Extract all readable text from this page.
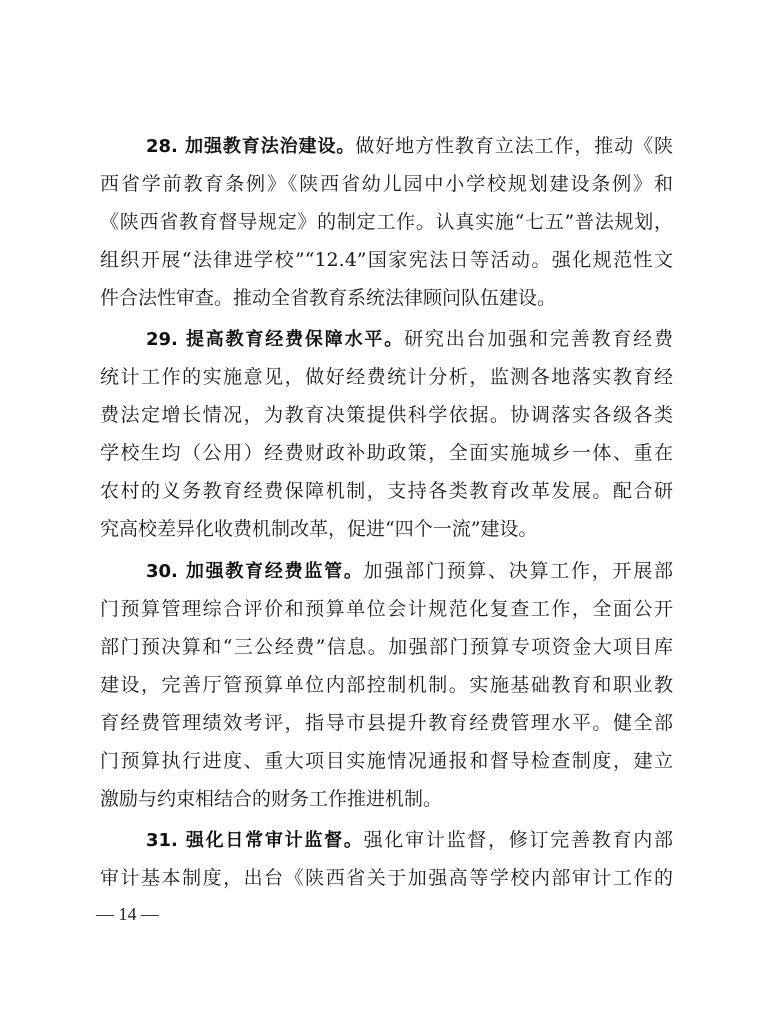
28. 加强教育法治建设。做好地方性教育立法工作，推动《陕
西省学前教育条例》《陕西省幼儿园中小学校规划建设条例》和
《陕西省教育督导规定》的制定工作。认真实施“七五”普法规划，
组织开展“法律进学校”“12.4”国家宪法日等活动。强化规范性文
件合法性审查。推动全省教育系统法律顾问队伍建设。
29. 提高教育经费保障水平。研究出台加强和完善教育经费
统计工作的实施意见，做好经费统计分析，监测各地落实教育经
费法定增长情况，为教育决策提供科学依据。协调落实各级各类
学校生均（公用）经费财政补助政策，全面实施城乡一体、重在
农村的义务教育经费保障机制，支持各类教育改革发展。配合研
究高校差异化收费机制改革，促进“四个一流”建设。
30. 加强教育经费监管。加强部门预算、决算工作，开展部
门预算管理综合评价和预算单位会计规范化复查工作，全面公开
部门预决算和“三公经费”信息。加强部门预算专项资金大项目库
建设，完善厅管预算单位内部控制机制。实施基础教育和职业教
育经费管理绩效考评，指导市县提升教育经费管理水平。健全部
门预算执行进度、重大项目实施情况通报和督导检查制度，建立
激励与约束相结合的财务工作推进机制。
31. 强化日常审计监督。强化审计监督，修订完善教育内部
审计基本制度，出台《陕西省关于加强高等学校内部审计工作的
— 14 —
